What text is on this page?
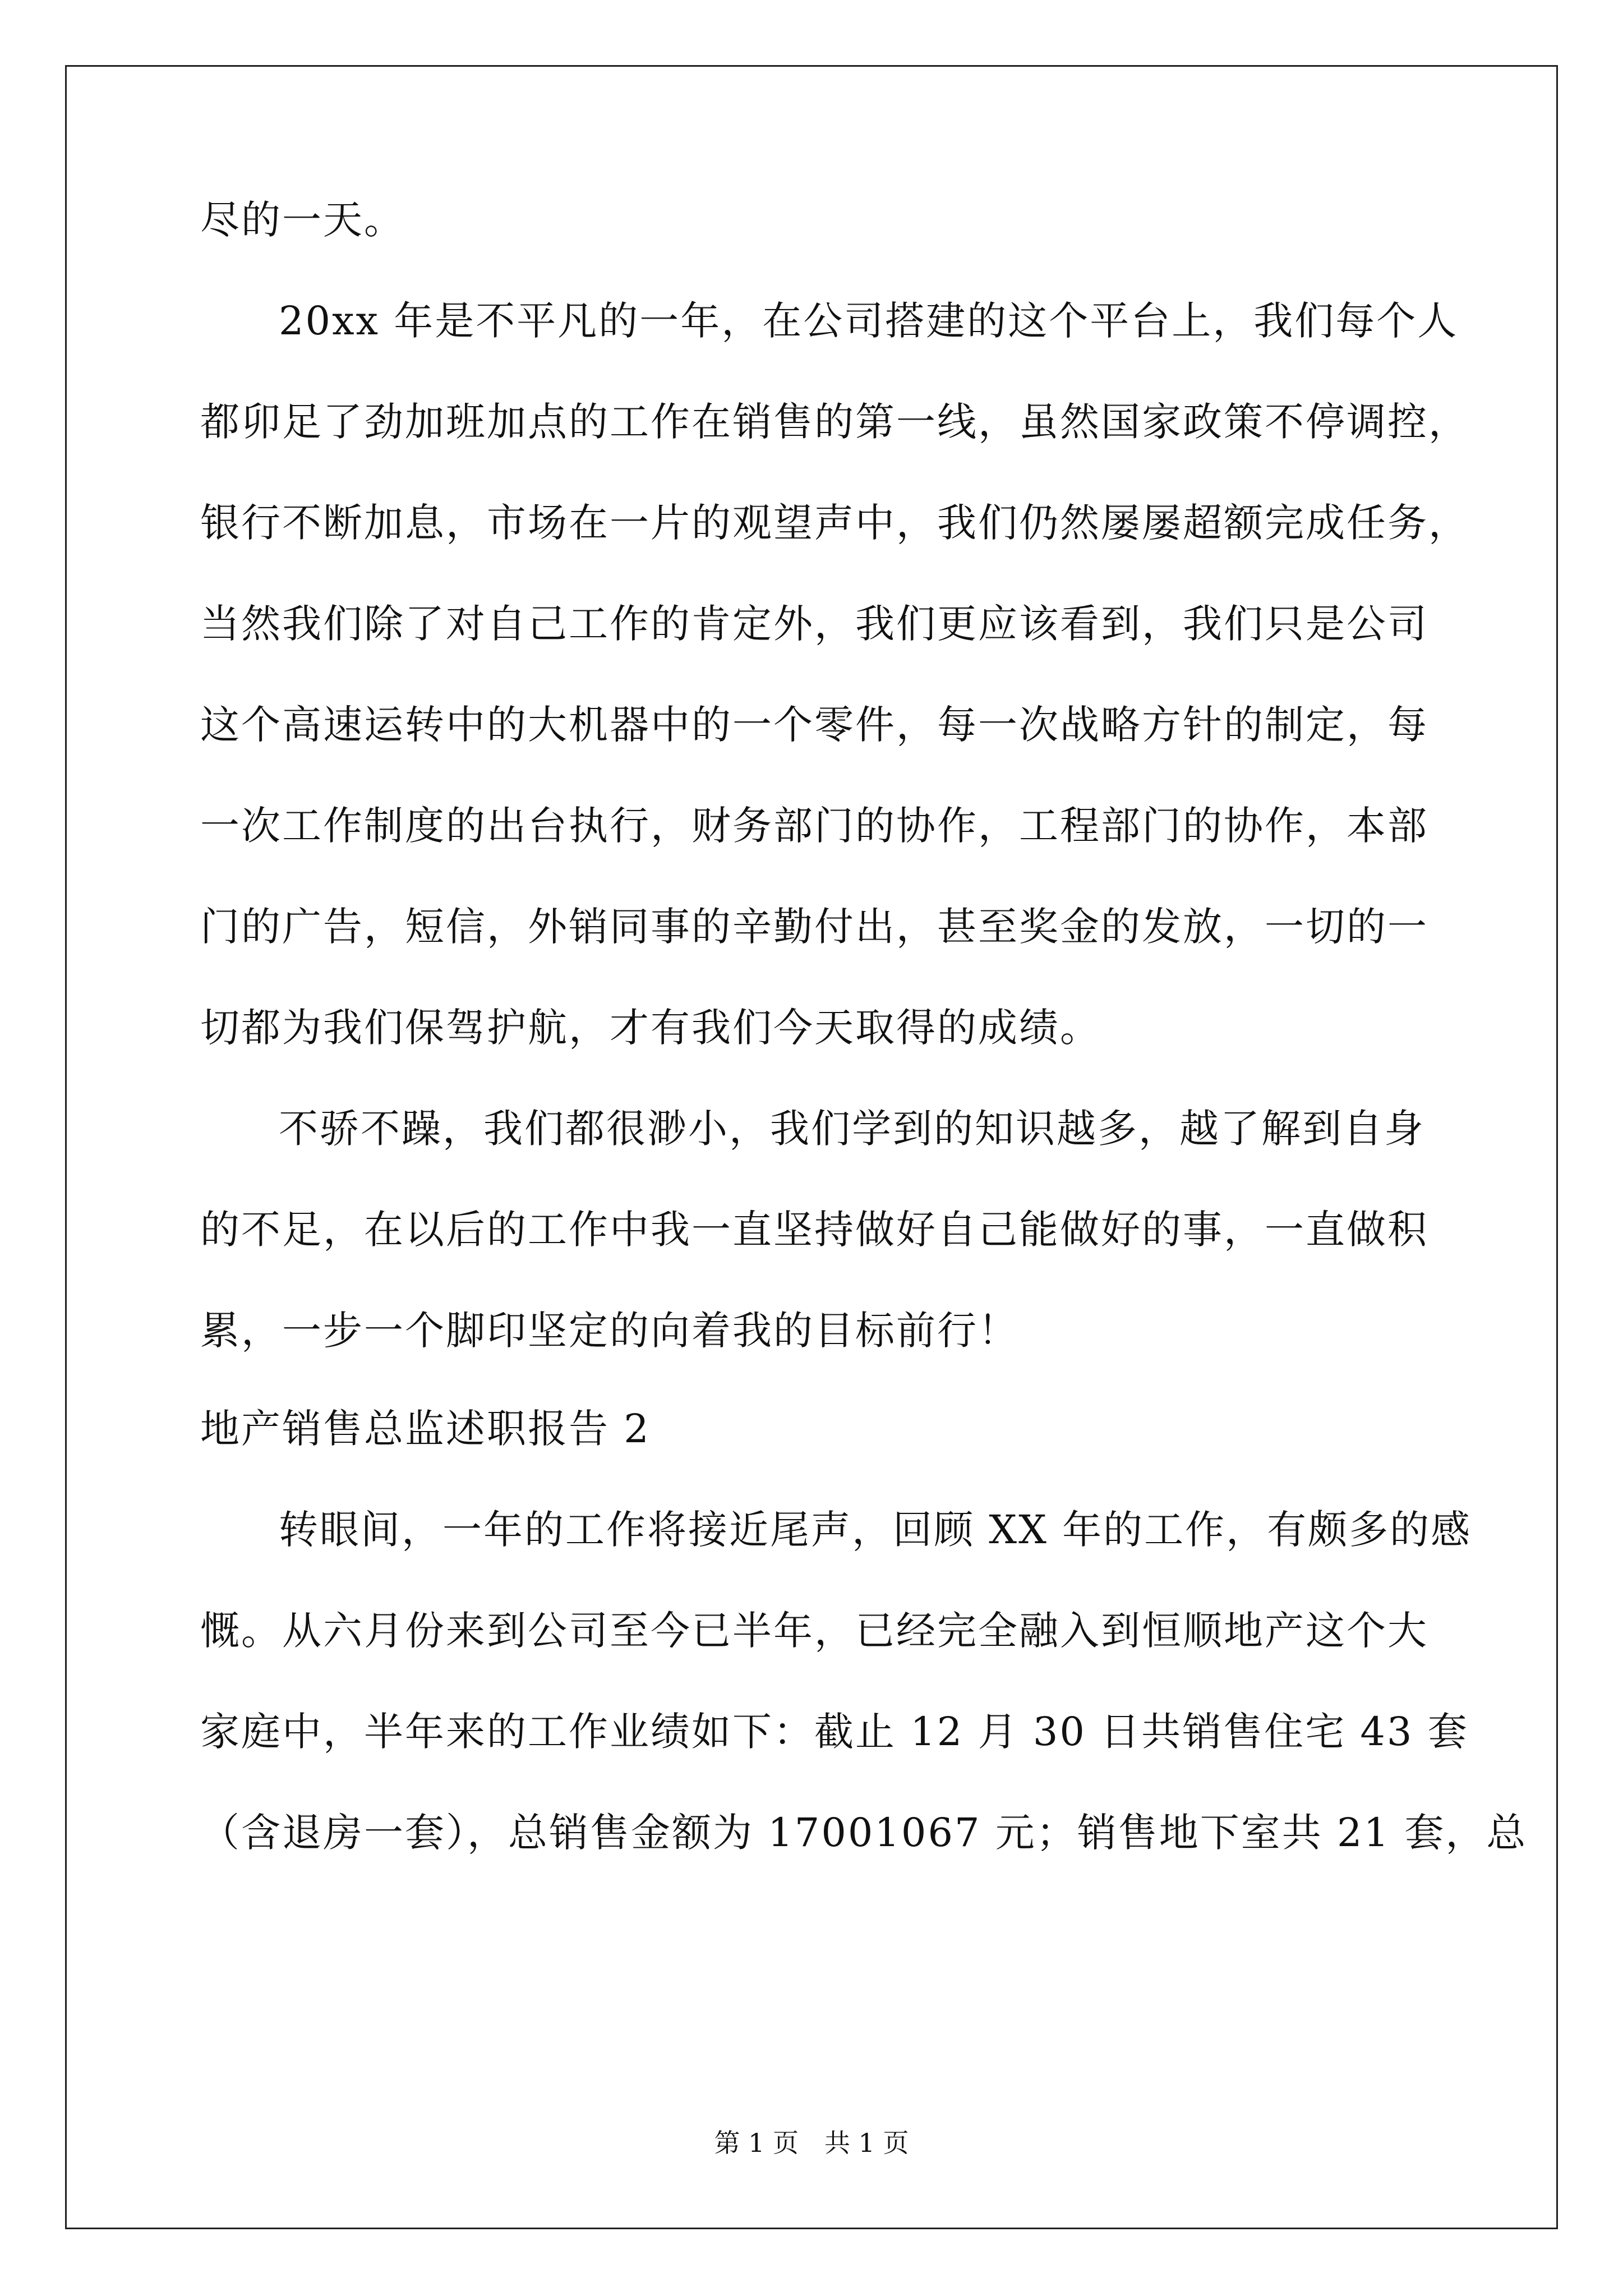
尽的一天。
20xx 年是不平凡的一年，在公司搭建的这个平台上，我们每个人
都卯足了劲加班加点的工作在销售的第一线，虽然国家政策不停调控，
银行不断加息，市场在一片的观望声中，我们仍然屡屡超额完成任务，
当然我们除了对自己工作的肯定外，我们更应该看到，我们只是公司
这个高速运转中的大机器中的一个零件，每一次战略方针的制定，每
一次工作制度的出台执行，财务部门的协作，工程部门的协作，本部
门的广告，短信，外销同事的辛勤付出，甚至奖金的发放，一切的一
切都为我们保驾护航，才有我们今天取得的成绩。
不骄不躁，我们都很渺小，我们学到的知识越多，越了解到自身
的不足，在以后的工作中我一直坚持做好自己能做好的事，一直做积
累，一步一个脚印坚定的向着我的目标前行！
地产销售总监述职报告 2
转眼间，一年的工作将接近尾声，回顾 XX 年的工作，有颇多的感
慨。从六月份来到公司至今已半年，已经完全融入到恒顺地产这个大
家庭中，半年来的工作业绩如下：截止 12 月 30 日共销售住宅 43 套
（含退房一套），总销售金额为 17001067 元；销售地下室共 21 套，总
第 1 页　共 1 页
